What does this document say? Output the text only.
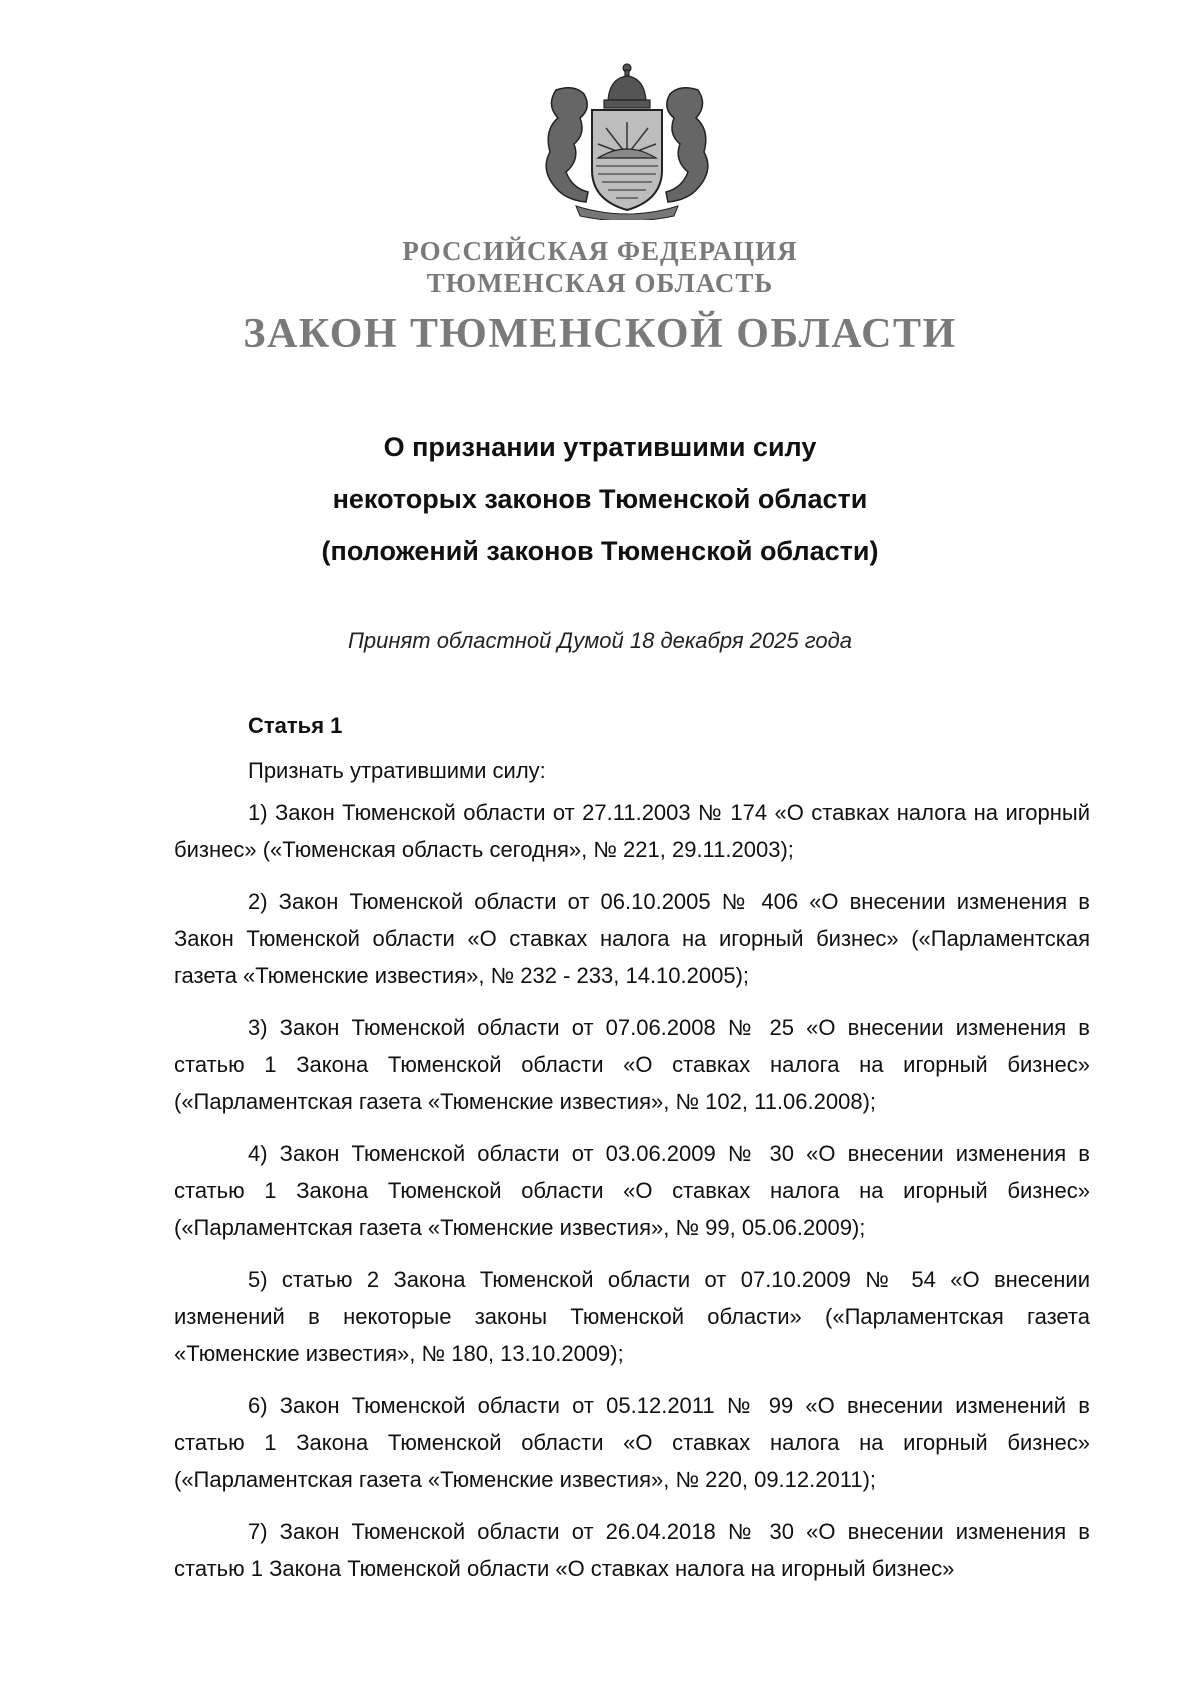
РОССИЙСКАЯ ФЕДЕРАЦИЯ
ТЮМЕНСКАЯ ОБЛАСТЬ
ЗАКОН ТЮМЕНСКОЙ ОБЛАСТИ
О признании утратившими силу
некоторых законов Тюменской области
(положений законов Тюменской области)
Принят областной Думой 18 декабря 2025 года
Статья 1
Признать утратившими силу:

1) Закон Тюменской области от 27.11.2003 № 174 «О ставках налога на игорный бизнес» («Тюменская область сегодня», № 221, 29.11.2003);

2) Закон Тюменской области от 06.10.2005 № 406 «О внесении изменения в Закон Тюменской области «О ставках налога на игорный бизнес» («Парламентская газета «Тюменские известия», № 232 - 233, 14.10.2005);

3) Закон Тюменской области от 07.06.2008 № 25 «О внесении изменения в статью 1 Закона Тюменской области «О ставках налога на игорный бизнес» («Парламентская газета «Тюменские известия», № 102, 11.06.2008);

4) Закон Тюменской области от 03.06.2009 № 30 «О внесении изменения в статью 1 Закона Тюменской области «О ставках налога на игорный бизнес» («Парламентская газета «Тюменские известия», № 99, 05.06.2009);

5) статью 2 Закона Тюменской области от 07.10.2009 № 54 «О внесении изменений в некоторые законы Тюменской области» («Парламентская газета «Тюменские известия», № 180, 13.10.2009);

6) Закон Тюменской области от 05.12.2011 № 99 «О внесении изменений в статью 1 Закона Тюменской области «О ставках налога на игорный бизнес» («Парламентская газета «Тюменские известия», № 220, 09.12.2011);

7) Закон Тюменской области от 26.04.2018 № 30 «О внесении изменения в статью 1 Закона Тюменской области «О ставках налога на игорный бизнес»
